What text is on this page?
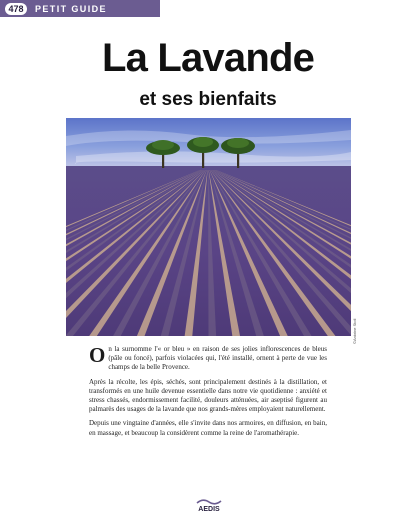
478	PETIT GUIDE
La Lavande
et ses bienfaits
©Antoine Stoll

On la surnomme l'« or bleu » en raison de ses jolies inflorescences de bleus (pâle ou foncé), parfois violacées qui, l'été installé, ornent à perte de vue les champs de la belle Provence.

Après la récolte, les épis, séchés, sont principalement destinés à la distillation, et transformés en une huile devenue essentielle dans notre vie quotidienne : anxiété et stress chassés, endormissement facilité, douleurs atténuées, air aseptisé figurent au palmarès des usages de la lavande que nos grands-mères employaient naturellement.

Depuis une vingtaine d'années, elle s'invite dans nos armoires, en diffusion, en bain, en massage, et beaucoup la considèrent comme la reine de l'aromathérapie.

AEDIS
